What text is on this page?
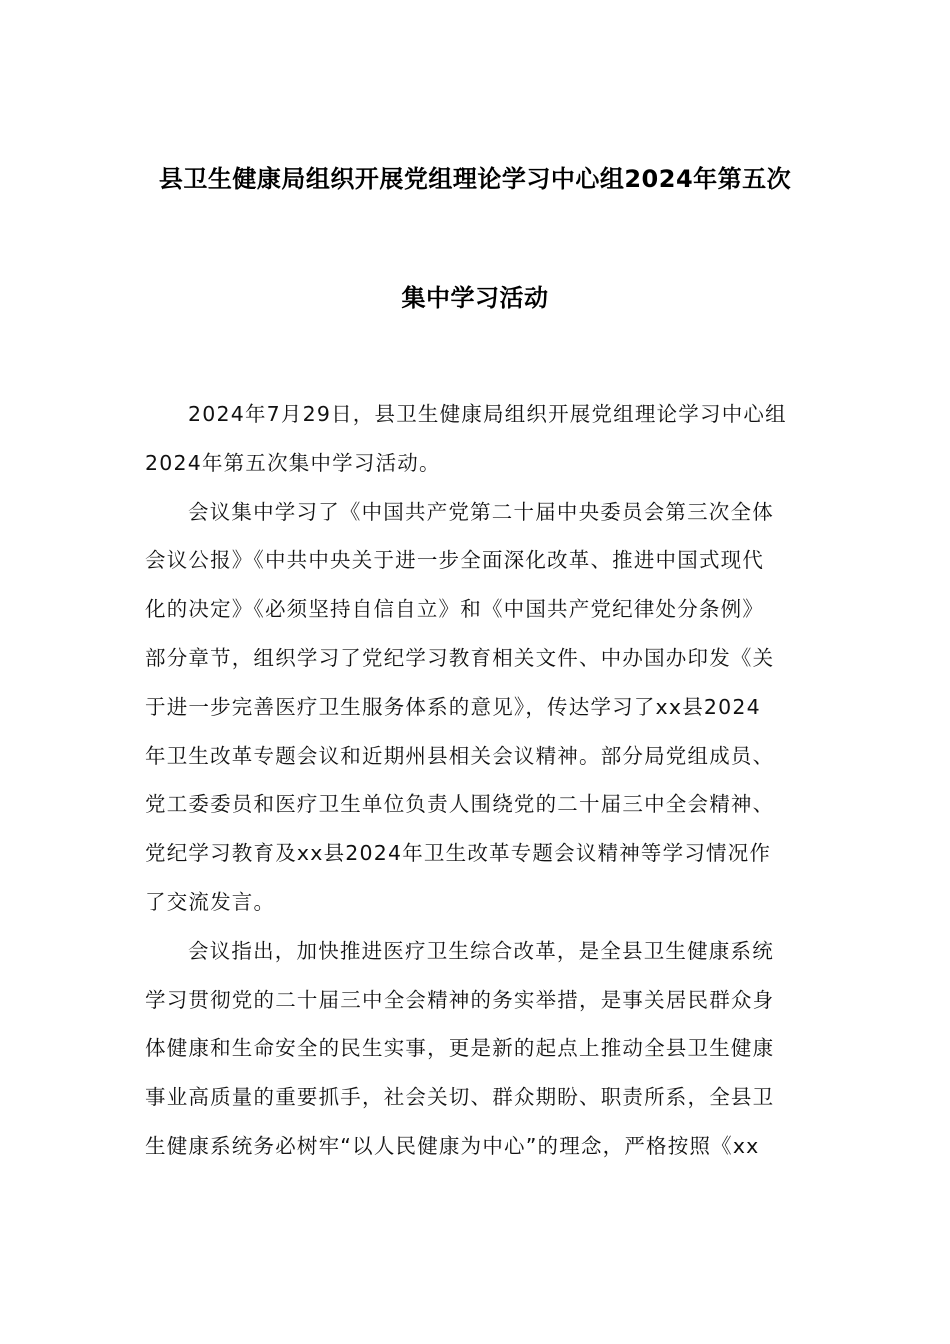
县卫生健康局组织开展党组理论学习中心组2024年第五次
集中学习活动
2024年7月29日，县卫生健康局组织开展党组理论学习中心组
2024年第五次集中学习活动。
会议集中学习了《中国共产党第二十届中央委员会第三次全体
会议公报》《中共中央关于进一步全面深化改革、推进中国式现代
化的决定》《必须坚持自信自立》和《中国共产党纪律处分条例》
部分章节，组织学习了党纪学习教育相关文件、中办国办印发《关
于进一步完善医疗卫生服务体系的意见》，传达学习了xx县2024
年卫生改革专题会议和近期州县相关会议精神。部分局党组成员、
党工委委员和医疗卫生单位负责人围绕党的二十届三中全会精神、
党纪学习教育及xx县2024年卫生改革专题会议精神等学习情况作
了交流发言。
会议指出，加快推进医疗卫生综合改革，是全县卫生健康系统
学习贯彻党的二十届三中全会精神的务实举措，是事关居民群众身
体健康和生命安全的民生实事，更是新的起点上推动全县卫生健康
事业高质量的重要抓手，社会关切、群众期盼、职责所系，全县卫
生健康系统务必树牢“以人民健康为中心”的理念，严格按照《xx
